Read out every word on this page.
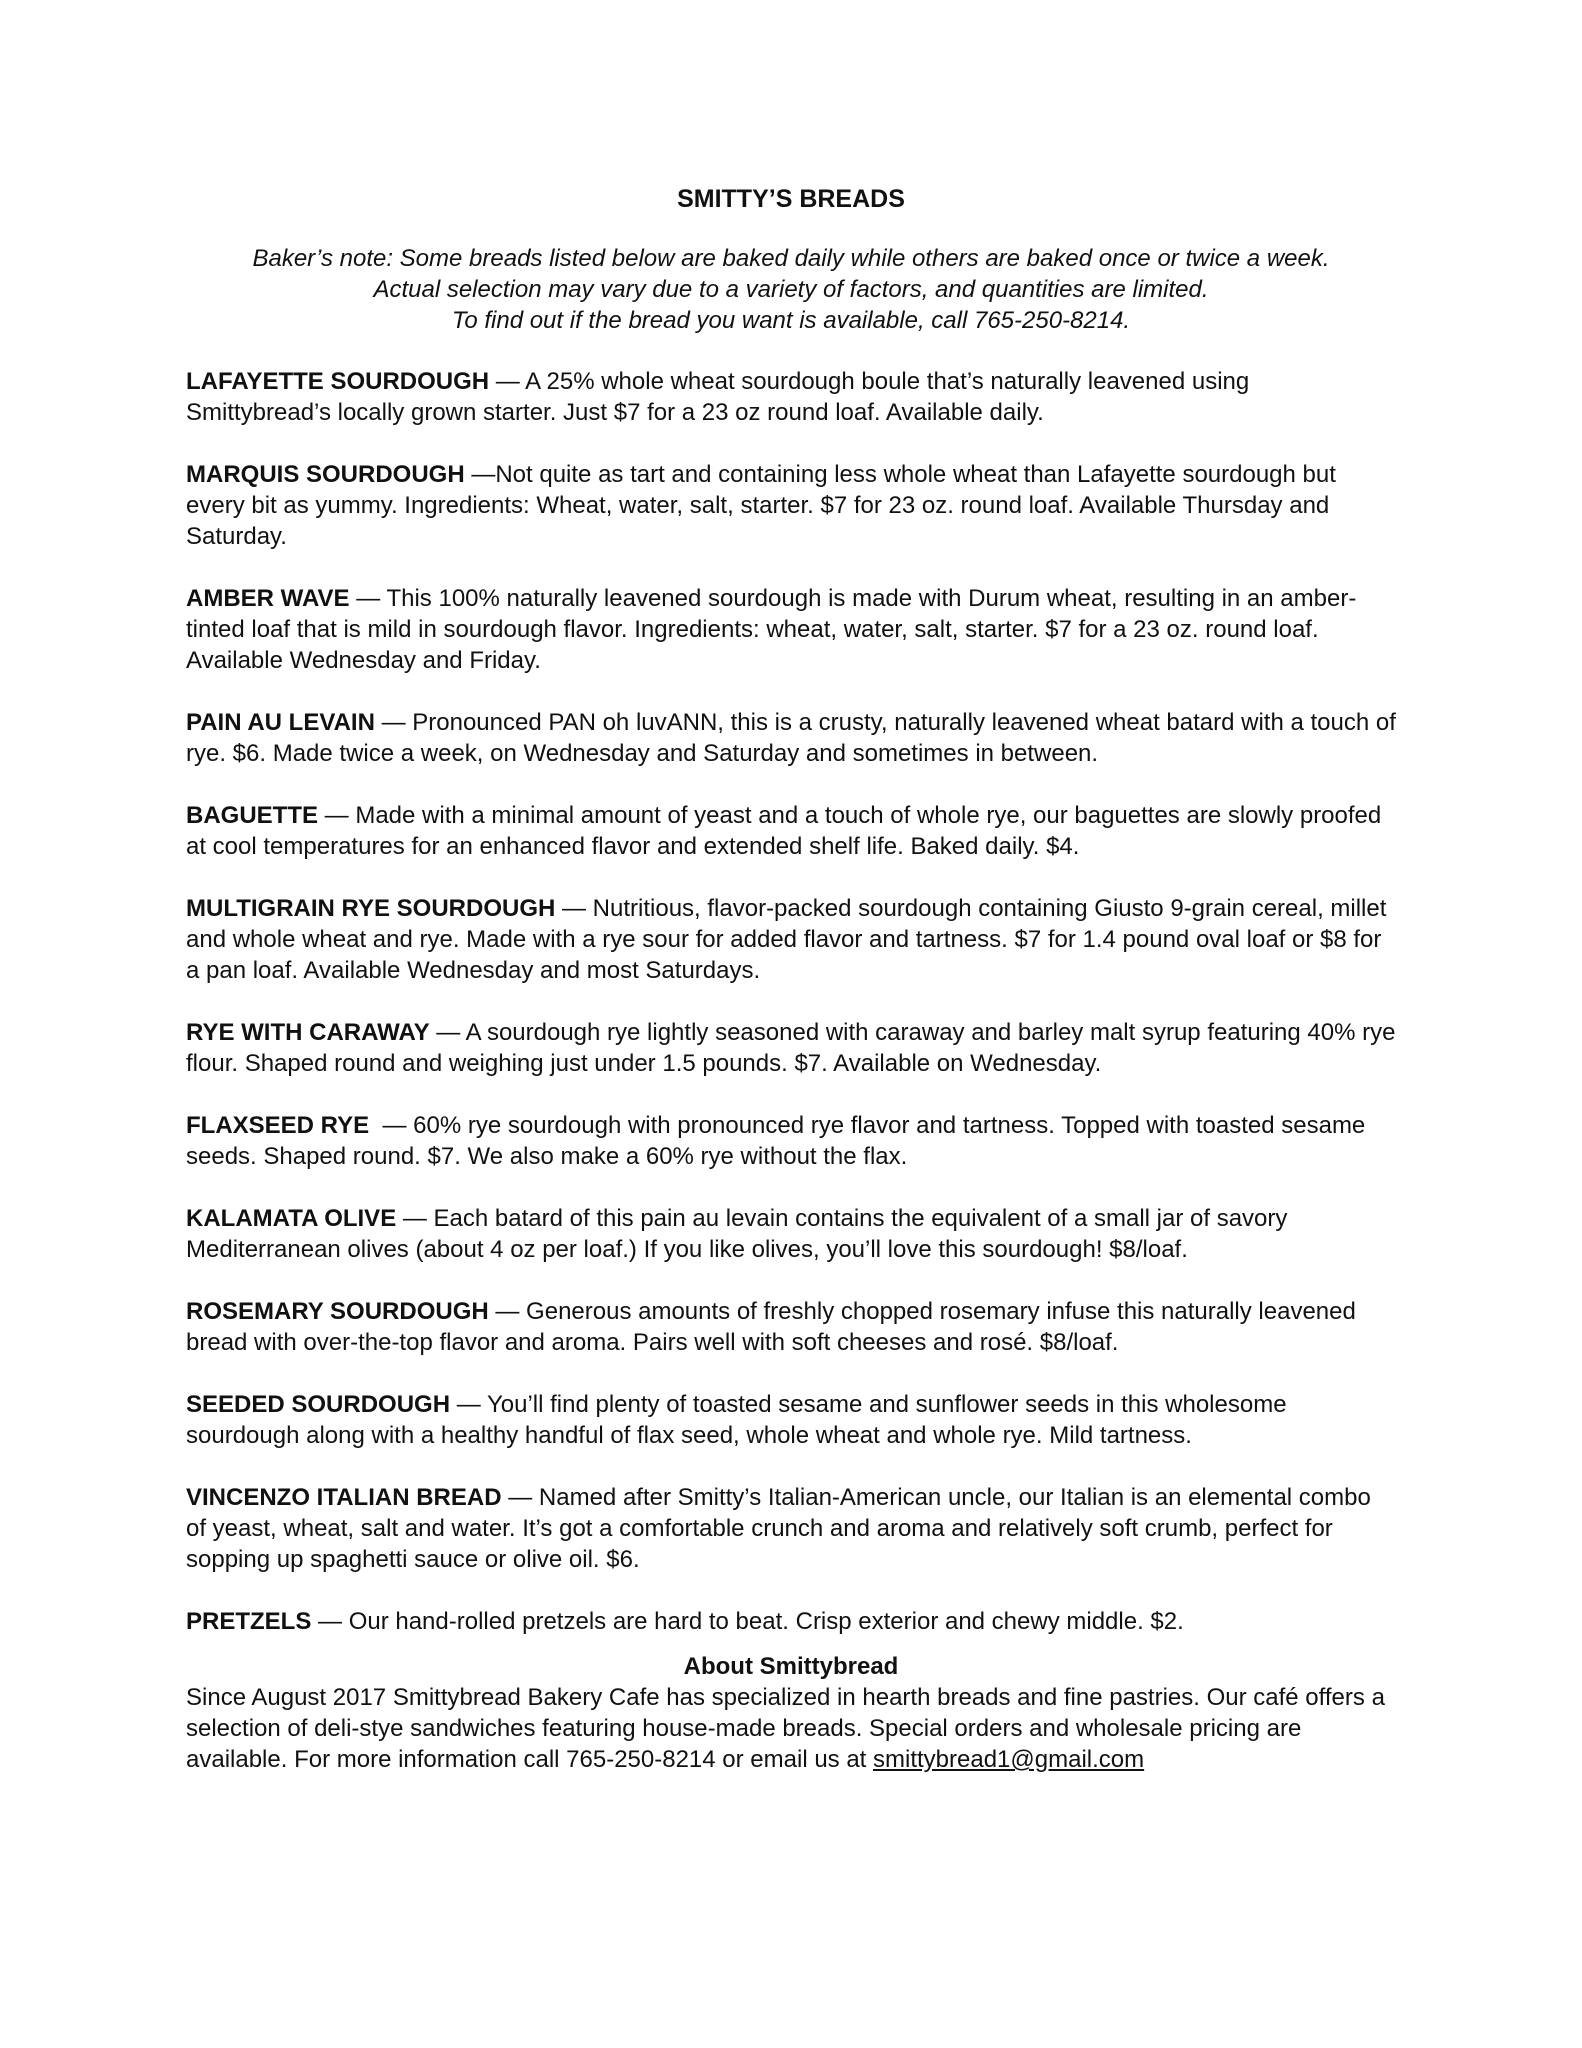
SMITTY’S BREADS
Baker’s note: Some breads listed below are baked daily while others are baked once or twice a week.
Actual selection may vary due to a variety of factors, and quantities are limited.
To find out if the bread you want is available, call 765-250-8214.
LAFAYETTE SOURDOUGH — A 25% whole wheat sourdough boule that’s naturally leavened using Smittybread’s locally grown starter. Just $7 for a 23 oz round loaf. Available daily.
MARQUIS SOURDOUGH —Not quite as tart and containing less whole wheat than Lafayette sourdough but every bit as yummy. Ingredients: Wheat, water, salt, starter. $7 for 23 oz. round loaf. Available Thursday and Saturday.
AMBER WAVE — This 100% naturally leavened sourdough is made with Durum wheat, resulting in an amber-tinted loaf that is mild in sourdough flavor. Ingredients: wheat, water, salt, starter. $7 for a 23 oz. round loaf. Available Wednesday and Friday.
PAIN AU LEVAIN — Pronounced PAN oh luvANN, this is a crusty, naturally leavened wheat batard with a touch of rye. $6. Made twice a week, on Wednesday and Saturday and sometimes in between.
BAGUETTE — Made with a minimal amount of yeast and a touch of whole rye, our baguettes are slowly proofed at cool temperatures for an enhanced flavor and extended shelf life. Baked daily. $4.
MULTIGRAIN RYE SOURDOUGH — Nutritious, flavor-packed sourdough containing Giusto 9-grain cereal, millet and whole wheat and rye. Made with a rye sour for added flavor and tartness. $7 for 1.4 pound oval loaf or $8 for a pan loaf. Available Wednesday and most Saturdays.
RYE WITH CARAWAY — A sourdough rye lightly seasoned with caraway and barley malt syrup featuring 40% rye flour. Shaped round and weighing just under 1.5 pounds. $7. Available on Wednesday.
FLAXSEED RYE  — 60% rye sourdough with pronounced rye flavor and tartness. Topped with toasted sesame seeds. Shaped round. $7. We also make a 60% rye without the flax.
KALAMATA OLIVE — Each batard of this pain au levain contains the equivalent of a small jar of savory Mediterranean olives (about 4 oz per loaf.) If you like olives, you’ll love this sourdough! $8/loaf.
ROSEMARY SOURDOUGH — Generous amounts of freshly chopped rosemary infuse this naturally leavened bread with over-the-top flavor and aroma. Pairs well with soft cheeses and rosé. $8/loaf.
SEEDED SOURDOUGH — You’ll find plenty of toasted sesame and sunflower seeds in this wholesome sourdough along with a healthy handful of flax seed, whole wheat and whole rye. Mild tartness.
VINCENZO ITALIAN BREAD — Named after Smitty’s Italian-American uncle, our Italian is an elemental combo of yeast, wheat, salt and water. It’s got a comfortable crunch and aroma and relatively soft crumb, perfect for sopping up spaghetti sauce or olive oil. $6.
PRETZELS — Our hand-rolled pretzels are hard to beat. Crisp exterior and chewy middle. $2.
About Smittybread
Since August 2017 Smittybread Bakery Cafe has specialized in hearth breads and fine pastries. Our café offers a selection of deli-stye sandwiches featuring house-made breads. Special orders and wholesale pricing are available. For more information call 765-250-8214 or email us at smittybread1@gmail.com
